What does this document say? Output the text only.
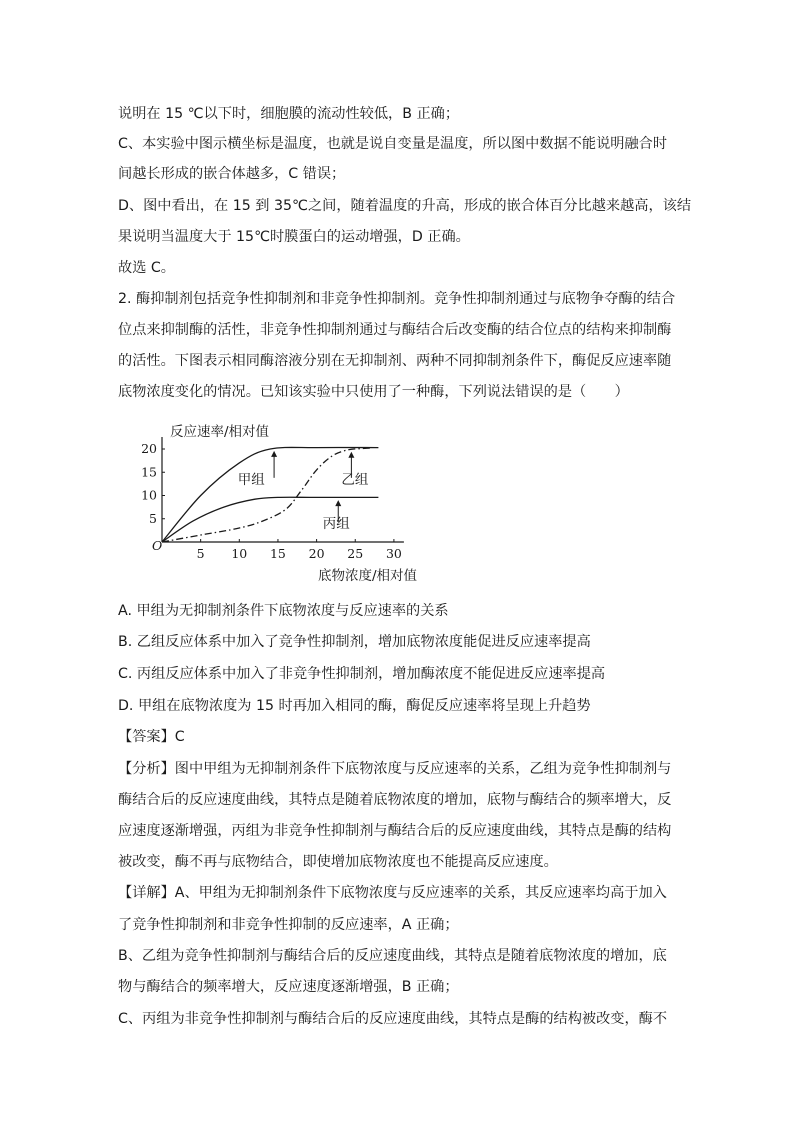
说明在 15 ℃以下时，细胞膜的流动性较低，B 正确；

C、本实验中图示横坐标是温度，也就是说自变量是温度，所以图中数据不能说明融合时

间越长形成的嵌合体越多，C 错误；

D、图中看出，在 15 到 35℃之间，随着温度的升高，形成的嵌合体百分比越来越高，该结

果说明当温度大于 15℃时膜蛋白的运动增强，D 正确。

故选 C。

2. 酶抑制剂包括竞争性抑制剂和非竞争性抑制剂。竞争性抑制剂通过与底物争夺酶的结合

位点来抑制酶的活性，非竞争性抑制剂通过与酶结合后改变酶的结合位点的结构来抑制酶

的活性。下图表示相同酶溶液分别在无抑制剂、两种不同抑制剂条件下，酶促反应速率随

底物浓度变化的情况。已知该实验中只使用了一种酶，下列说法错误的是（　　）

反应速率/相对值
O
5 10 15 20 25 30
5
10
15
20
甲组	乙组
丙组
底物浓度/相对值

A. 甲组为无抑制剂条件下底物浓度与反应速率的关系

B. 乙组反应体系中加入了竞争性抑制剂，增加底物浓度能促进反应速率提高

C. 丙组反应体系中加入了非竞争性抑制剂，增加酶浓度不能促进反应速率提高

D. 甲组在底物浓度为 15 时再加入相同的酶，酶促反应速率将呈现上升趋势

【答案】C

【分析】图中甲组为无抑制剂条件下底物浓度与反应速率的关系，乙组为竞争性抑制剂与

酶结合后的反应速度曲线，其特点是随着底物浓度的增加，底物与酶结合的频率增大，反

应速度逐渐增强，丙组为非竞争性抑制剂与酶结合后的反应速度曲线，其特点是酶的结构

被改变，酶不再与底物结合，即使增加底物浓度也不能提高反应速度。

【详解】A、甲组为无抑制剂条件下底物浓度与反应速率的关系，其反应速率均高于加入

了竞争性抑制剂和非竞争性抑制的反应速率，A 正确；

B、乙组为竞争性抑制剂与酶结合后的反应速度曲线，其特点是随着底物浓度的增加，底

物与酶结合的频率增大，反应速度逐渐增强，B 正确；

C、丙组为非竞争性抑制剂与酶结合后的反应速度曲线，其特点是酶的结构被改变，酶不
